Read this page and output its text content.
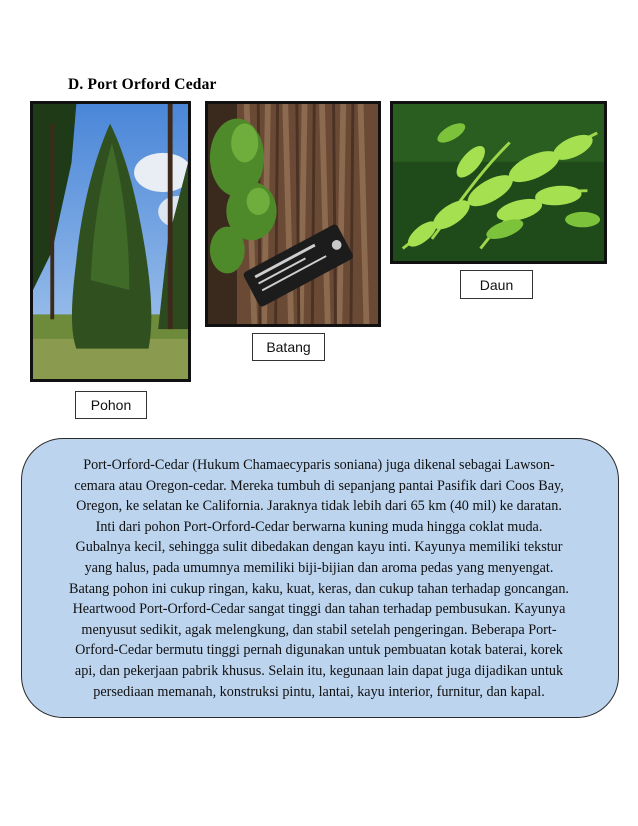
D. Port Orford Cedar
Pohon
Batang
Daun
Port-Orford-Cedar (Hukum Chamaecyparis soniana) juga dikenal sebagai Lawson-
cemara atau Oregon-cedar. Mereka tumbuh di sepanjang pantai Pasifik dari Coos Bay,
Oregon, ke selatan ke California. Jaraknya tidak lebih dari 65 km (40 mil) ke daratan.
Inti dari pohon Port-Orford-Cedar berwarna kuning muda hingga coklat muda.
Gubalnya kecil, sehingga sulit dibedakan dengan kayu inti. Kayunya memiliki tekstur
yang halus, pada umumnya memiliki biji-bijian dan aroma pedas yang menyengat.
Batang pohon ini cukup ringan, kaku, kuat, keras, dan cukup tahan terhadap goncangan.
Heartwood Port-Orford-Cedar sangat tinggi dan tahan terhadap pembusukan. Kayunya
menyusut sedikit, agak melengkung, dan stabil setelah pengeringan. Beberapa Port-
Orford-Cedar bermutu tinggi pernah digunakan untuk pembuatan kotak baterai, korek
api, dan pekerjaan pabrik khusus. Selain itu, kegunaan lain dapat juga dijadikan untuk
persediaan memanah, konstruksi pintu, lantai, kayu interior, furnitur, dan kapal.
